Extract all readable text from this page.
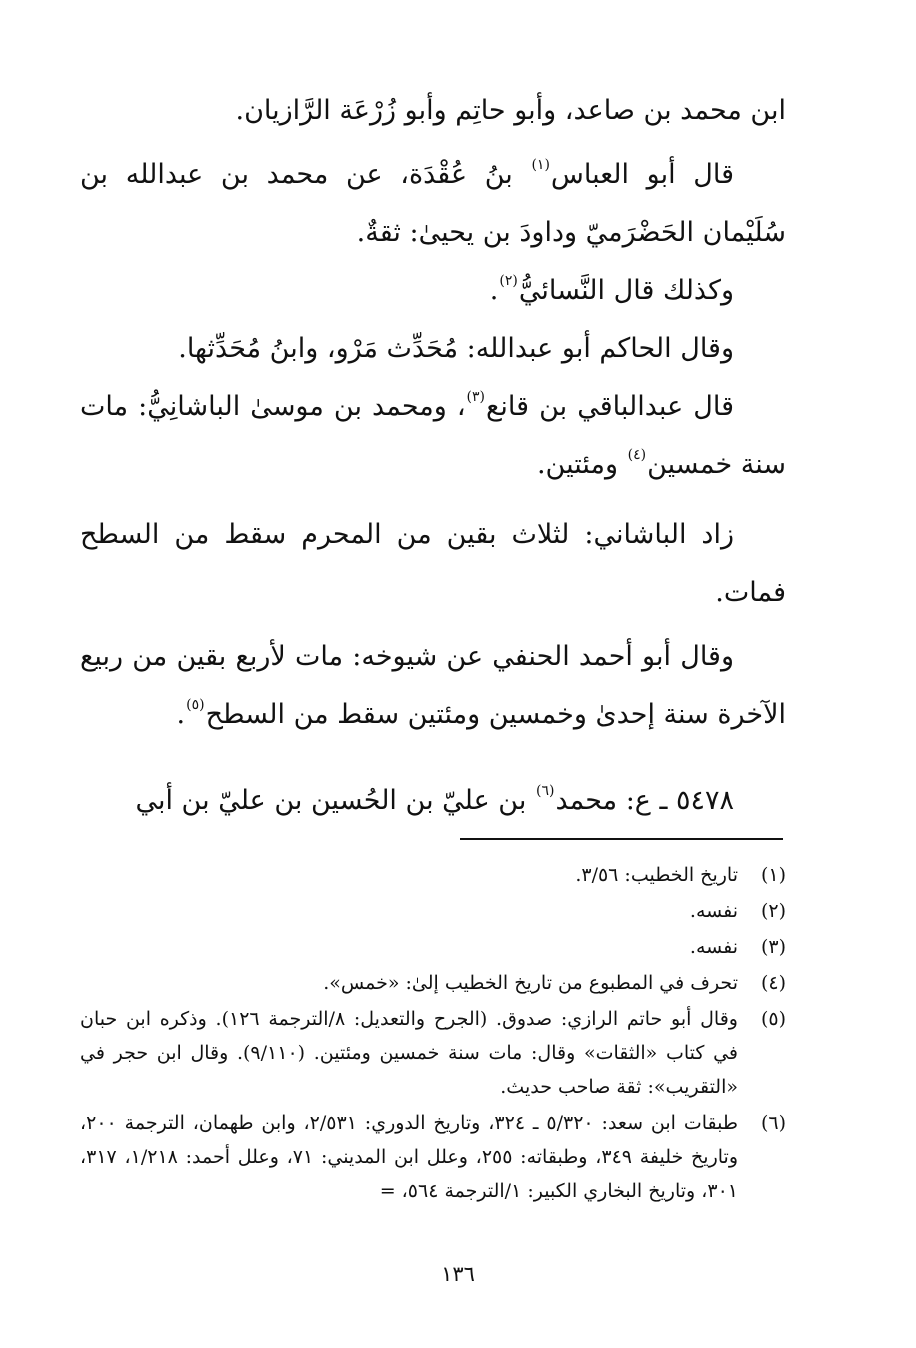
ابن محمد بن صاعد، وأبو حاتِم وأبو زُرْعَة الرَّازيان.

قال أبو العباس$^{(١)}$ بنُ عُقْدَة، عن محمد بن عبدالله بن سُلَيْمان الحَضْرَميّ وداودَ بن يحيىٰ: ثقةٌ.

وكذلك قال النَّسائيُّ$^{(٢)}$.

وقال الحاكم أبو عبدالله: مُحَدِّث مَرْو، وابنُ مُحَدِّثها.

قال عبدالباقي بن قانع$^{(٣)}$، ومحمد بن موسىٰ الباشانِيُّ: مات سنة خمسين$^{(٤)}$ ومئتين.

زاد الباشاني: لثلاث بقين من المحرم سقط من السطح فمات.

وقال أبو أحمد الحنفي عن شيوخه: مات لأربع بقين من ربيع الآخرة سنة إحدىٰ وخمسين ومئتين سقط من السطح$^{(٥)}$.

٥٤٧٨ ـ ع: محمد$^{(٦)}$ بن عليّ بن الحُسين بن عليّ بن أبي

(١)
تاريخ الخطيب: ٣/٥٦.
(٢)
نفسه.
(٣)
نفسه.
(٤)
تحرف في المطبوع من تاريخ الخطيب إلىٰ: «خمس».
(٥)
وقال أبو حاتم الرازي: صدوق. (الجرح والتعديل: ٨/الترجمة ١٢٦). وذكره ابن حبان في كتاب «الثقات» وقال: مات سنة خمسين ومئتين. (٩/١١٠). وقال ابن حجر في «التقريب»: ثقة صاحب حديث.
(٦)
طبقات ابن سعد: ٥/٣٢٠ ـ ٣٢٤، وتاريخ الدوري: ٢/٥٣١، وابن طهمان، الترجمة ٢٠٠، وتاريخ خليفة ٣٤٩، وطبقاته: ٢٥٥، وعلل ابن المديني: ٧١، وعلل أحمد: ١/٢١٨، ٣١٧، ٣٠١، وتاريخ البخاري الكبير: ١/الترجمة ٥٦٤، =
١٣٦
